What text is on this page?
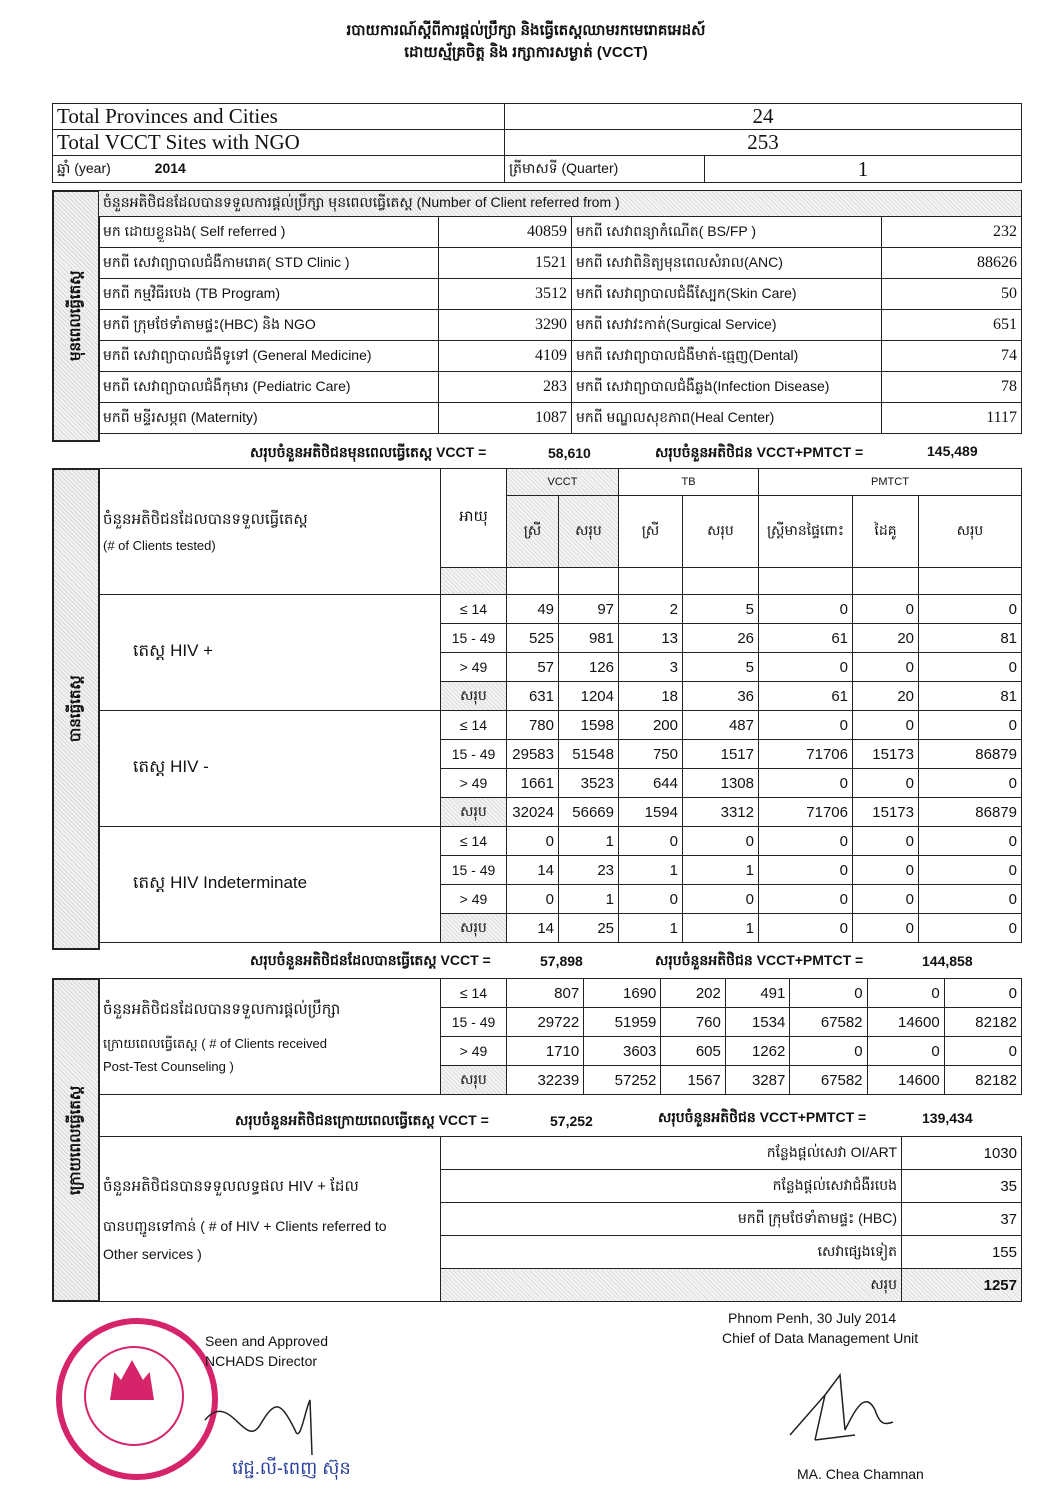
របាយការណ៍ស្ដីពីការផ្ដល់ប្រឹក្សា និងធ្វើតេស្ដឈាមរកមេរោគអេដស៍
ដោយស្ម័គ្រចិត្ត និង រក្សាការសម្ងាត់ (VCCT)
Total Provinces and Cities	24	
Total VCCT Sites with NGO	253	
ឆ្នាំ (year) 2014	ត្រីមាសទី (Quarter)	1
មុនពេលធ្វើតេស្ដ
ចំនួនអតិថិជនដែលបានទទួលការផ្ដល់ប្រឹក្សា មុនពេលធ្វើតេស្ដ (Number of Client referred from )			
មក ដោយខ្លួនឯង( Self referred )	40859	មកពី សេវាពន្យាកំណើត( BS/FP )	232
មកពី សេវាព្យាបាលជំងឺកាមរោគ( STD Clinic )	1521	មកពី សេវាពិនិត្យមុនពេលសំរាល(ANC)	88626
មកពី កម្មវិធីរបេង (TB Program)	3512	មកពី សេវាព្យាបាលជំងឺស្បែក(Skin Care)	50
មកពី ក្រុមថែទាំតាមផ្ទះ(HBC) និង NGO	3290	មកពី សេវាវះកាត់(Surgical Service)	651
មកពី សេវាព្យាបាលជំងឺទូទៅ (General Medicine)	4109	មកពី សេវាព្យាបាលជំងឺមាត់-ធ្មេញ(Dental)	74
មកពី សេវាព្យាបាលជំងឺកុមារ (Pediatric Care)	283	មកពី សេវាព្យាបាលជំងឺឆ្លង(Infection Disease)	78
មកពី មន្ទីរសម្ភព (Maternity)	1087	មកពី មណ្ឌលសុខភាព(Heal Center)	1117
សរុបចំនួនអតិថិជនមុនពេលធ្វើតេស្ដ VCCT =	58,610	សរុបចំនួនអតិថិជន VCCT+PMTCT =	145,489
បានធ្វើតេស្ដ
ចំនួនអតិថិជនដែលបានទទួលធ្វើតេស្ដ
(# of Clients tested)	អាយុ	VCCT		TB		PMTCT		
		ស្រី	សរុប	ស្រី	សរុប	ស្ត្រីមានផ្ទៃពោះ	ដៃគូ	សរុប

តេស្ដ HIV +	≤ 14	49	97	2	5	0	0	0
	15 - 49	525	981	13	26	61	20	81
	> 49	57	126	3	5	0	0	0
	សរុប	631	1204	18	36	61	20	81

តេស្ដ HIV -	≤ 14	780	1598	200	487	0	0	0
	15 - 49	29583	51548	750	1517	71706	15173	86879
	> 49	1661	3523	644	1308	0	0	0
	សរុប	32024	56669	1594	3312	71706	15173	86879

តេស្ដ HIV Indeterminate	≤ 14	0	1	0	0	0	0	0
	15 - 49	14	23	1	1	0	0	0
	> 49	0	1	0	0	0	0	0
	សរុប	14	25	1	1	0	0	0
សរុបចំនួនអតិថិជនដែលបានធ្វើតេស្ដ VCCT =	57,898	សរុបចំនួនអតិថិជន VCCT+PMTCT =	144,858
ក្រោយពេលធ្វើតេស្ដ
ចំនួនអតិថិជនដែលបានទទួលការផ្ដល់ប្រឹក្សា
ក្រោយពេលធ្វើតេស្ដ ( # of Clients received
Post-Test Counseling )	≤ 14	807	1690	202	491	0	0	0
	15 - 49	29722	51959	760	1534	67582	14600	82182
	> 49	1710	3603	605	1262	0	0	0
	សរុប	32239	57252	1567	3287	67582	14600	82182
សរុបចំនួនអតិថិជនក្រោយពេលធ្វើតេស្ដ VCCT =	57,252	សរុបចំនួនអតិថិជន VCCT+PMTCT =	139,434
ចំនួនអតិថិជនបានទទួលលទ្ធផល HIV + ដែល
បានបញ្ជូនទៅកាន់ ( # of HIV + Clients referred to
Other services )	កន្លែងផ្ដល់សេវា OI/ART	1030
	កន្លែងផ្ដល់សេវាជំងឺរបេង	35
	មកពី ក្រុមថែទាំតាមផ្ទះ (HBC)	37
	សេវាផ្សេងទៀត	155
	សរុប	1257
Seen and Approved
NCHADS Director
វេជ្ជ.លី-ពេញ ស៊ុន
Phnom Penh, 30 July 2014
Chief of Data Management Unit
MA. Chea Chamnan
